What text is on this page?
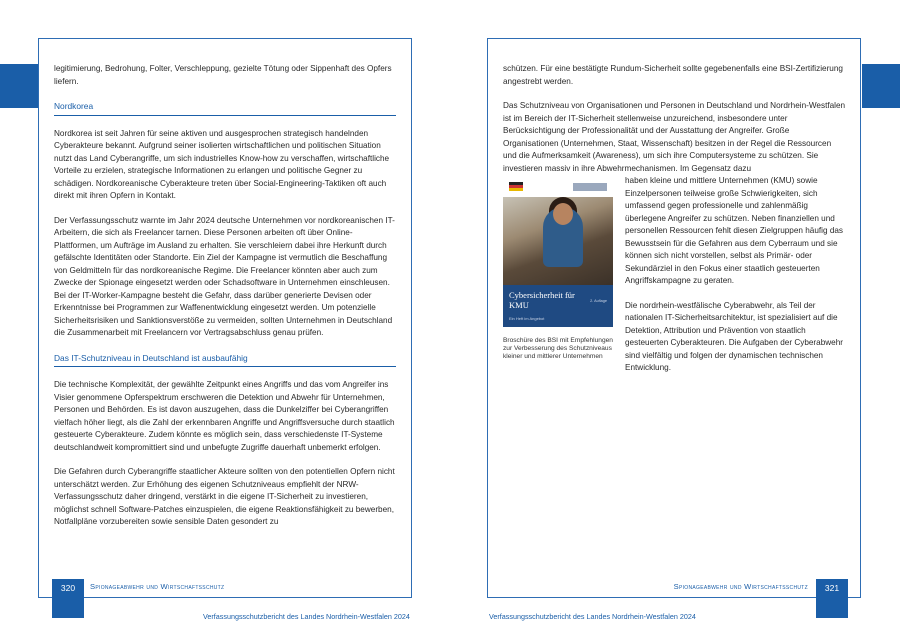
legitimierung, Bedrohung, Folter, Verschleppung, gezielte Tötung oder Sippenhaft des Opfers liefern.

Nordkorea

Nordkorea ist seit Jahren für seine aktiven und ausgesprochen strategisch handelnden Cyberakteure bekannt. Aufgrund seiner isolierten wirtschaftlichen und politischen Situation nutzt das Land Cyberangriffe, um sich industrielles Know-how zu verschaffen, wirtschaftliche Vorteile zu erzielen, strategische Informationen zu erlangen und politische Gegner zu schädigen. Nordkoreanische Cyberakteure treten über Social-Engineering-Taktiken oft auch direkt mit ihren Opfern in Kontakt.

Der Verfassungsschutz warnte im Jahr 2024 deutsche Unternehmen vor nordkoreanischen IT-Arbeitern, die sich als Freelancer tarnen. Diese Personen arbeiten oft über Online-Plattformen, um Aufträge im Ausland zu erhalten. Sie verschleiern dabei ihre Herkunft durch gefälschte Identitäten oder Standorte. Ein Ziel der Kampagne ist vermutlich die Beschaffung von Geldmitteln für das nordkoreanische Regime. Die Freelancer könnten aber auch zum Zwecke der Spionage eingesetzt werden oder Schadsoftware in Unternehmen einschleusen. Bei der IT-Worker-Kampagne besteht die Gefahr, dass darüber generierte Devisen oder Erkenntnisse bei Programmen zur Waffenentwicklung eingesetzt werden. Um potenzielle Sicherheitsrisiken und Sanktionsverstöße zu vermeiden, sollten Unternehmen in Deutschland die Zusammenarbeit mit Freelancern vor Vertragsabschluss genau prüfen.

Das IT-Schutzniveau in Deutschland ist ausbaufähig

Die technische Komplexität, der gewählte Zeitpunkt eines Angriffs und das vom Angreifer ins Visier genommene Opferspektrum erschweren die Detektion und Abwehr für Unternehmen, Personen und Behörden. Es ist davon auszugehen, dass die Dunkelziffer bei Cyberangriffen vielfach höher liegt, als die Zahl der erkennbaren Angriffe und Angriffsversuche durch staatlich gesteuerte Cyberakteure. Zudem könnte es möglich sein, dass verschiedenste IT-Systeme deutschlandweit kompromittiert sind und unbefugte Zugriffe dauerhaft unbemerkt erfolgen.

Die Gefahren durch Cyberangriffe staatlicher Akteure sollten von den potentiellen Opfern nicht unterschätzt werden. Zur Erhöhung des eigenen Schutzniveaus empfiehlt der NRW-Verfassungsschutz daher dringend, verstärkt in die eigene IT-Sicherheit zu investieren, möglichst schnell Software-Patches einzuspielen, die eigene Reaktionsfähigkeit zu bewerben, Notfallpläne vorzubereiten sowie sensible Daten gesondert zu

schützen. Für eine bestätigte Rundum-Sicherheit sollte gegebenenfalls eine BSI-Zertifizierung angestrebt werden.

Das Schutzniveau von Organisationen und Personen in Deutschland und Nordrhein-Westfalen ist im Bereich der IT-Sicherheit stellenweise unzureichend, insbesondere unter Berücksichtigung der Professionalität und der Ausstattung der Angreifer. Große Organisationen (Unternehmen, Staat, Wissenschaft) besitzen in der Regel die Ressourcen und die Aufmerksamkeit (Awareness), um sich ihre Computersysteme zu schützen. Sie investieren massiv in ihre Abwehrmechanismen. Im Gegensatz dazu

Cybersicherheit für KMU
Ein Heft im Angebot
2. Auflage
Broschüre des BSI mit Empfehlungen zur Verbesserung des Schutzniveaus kleiner und mittlerer Unternehmen

haben kleine und mittlere Unternehmen (KMU) sowie Einzelpersonen teilweise große Schwierigkeiten, sich umfassend gegen professionelle und zahlenmäßig überlegene Angreifer zu schützen. Neben finanziellen und personellen Ressourcen fehlt diesen Zielgruppen häufig das Bewusstsein für die Gefahren aus dem Cyberraum und sie können sich nicht vorstellen, selbst als Primär- oder Sekundärziel in den Fokus einer staatlich gesteuerten Angriffskampagne zu geraten.

Die nordrhein-westfälische Cyberabwehr, als Teil der nationalen IT-Sicherheitsarchitektur, ist spezialisiert auf die Detektion, Attribution und Prävention von staatlich gesteuerten Cyberakteuren. Die Aufgaben der Cyberabwehr sind vielfältig und folgen der dynamischen technischen Entwicklung.

320	321
Spionageabwehr und Wirtschaftsschutz	Spionageabwehr und Wirtschaftsschutz
Verfassungsschutzbericht des Landes Nordrhein-Westfalen 2024	Verfassungsschutzbericht des Landes Nordrhein-Westfalen 2024
